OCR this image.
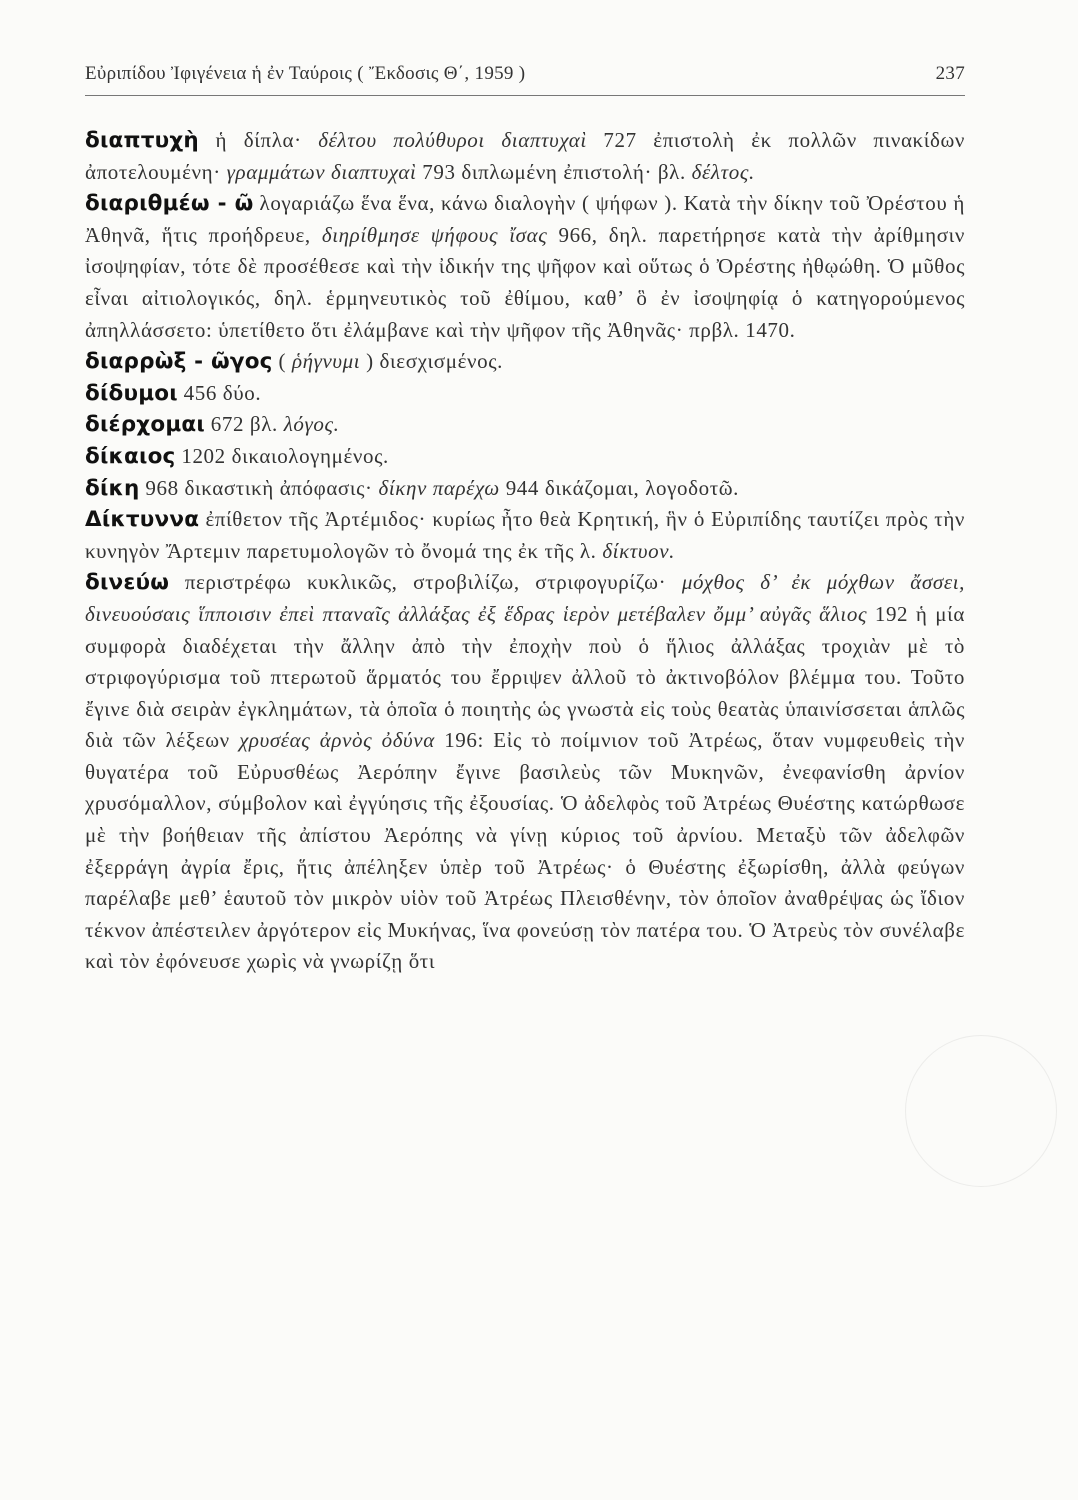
Εὐριπίδου Ἰφιγένεια ἡ ἐν Ταύροις ( Ἔκδοσις Θ΄, 1959 )	237

διαπτυχὴ ἡ δίπλα· δέλτου πολύθυροι διαπτυχαὶ 727 ἐπιστολὴ ἐκ πολλῶν πινακίδων ἀποτελουμένη· γραμμάτων διαπτυχαὶ 793 διπλωμένη ἐπιστολή· βλ. δέλτος.

διαριθμέω - ῶ λογαριάζω ἕνα ἕνα, κάνω διαλογὴν ( ψήφων ). Κατὰ τὴν δίκην τοῦ Ὀρέστου ἡ Ἀθηνᾶ, ἥτις προήδρευε, διηρίθμησε ψήφους ἴσας 966, δηλ. παρετήρησε κατὰ τὴν ἀρίθμησιν ἰσοψηφίαν, τότε δὲ προσέθεσε καὶ τὴν ἰδικήν της ψῆφον καὶ οὕτως ὁ Ὀρέστης ἠθῳώθη. Ὁ μῦθος εἶναι αἰτιολογικός, δηλ. ἑρμηνευτικὸς τοῦ ἐθίμου, καθ’ ὃ ἐν ἰσοψηφίᾳ ὁ κατηγορούμενος ἀπηλλάσσετο: ὑπετίθετο ὅτι ἐλάμβανε καὶ τὴν ψῆφον τῆς Ἀθηνᾶς· πρβλ. 1470.

διαρρὼξ - ῶγος ( ῥήγνυμι ) διεσχισμένος.

δίδυμοι 456 δύο.

διέρχομαι 672 βλ. λόγος.

δίκαιος 1202 δικαιολογημένος.

δίκη 968 δικαστικὴ ἀπόφασις· δίκην παρέχω 944 δικάζομαι, λογοδοτῶ.

Δίκτυννα ἐπίθετον τῆς Ἀρτέμιδος· κυρίως ἦτο θεὰ Κρητική, ἣν ὁ Εὐριπίδης ταυτίζει πρὸς τὴν κυνηγὸν Ἄρτεμιν παρετυμολογῶν τὸ ὄνομά της ἐκ τῆς λ. δίκτυον.

δινεύω περιστρέφω κυκλικῶς, στροβιλίζω, στριφογυρίζω· μόχθος δ’ ἐκ μόχθων ἄσσει, δινευούσαις ἵπποισιν ἐπεὶ πταναῖς ἀλλάξας ἐξ ἕδρας ἱερὸν μετέβαλεν ὄμμ’ αὐγᾶς ἅλιος 192 ἡ μία συμφορὰ διαδέχεται τὴν ἄλλην ἀπὸ τὴν ἐποχὴν ποὺ ὁ ἥλιος ἀλλάξας τροχιὰν μὲ τὸ στριφογύρισμα τοῦ πτερωτοῦ ἅρματός του ἔρριψεν ἀλλοῦ τὸ ἀκτινοβόλον βλέμμα του. Τοῦτο ἔγινε διὰ σειρὰν ἐγκλημάτων, τὰ ὁποῖα ὁ ποιητὴς ὡς γνωστὰ εἰς τοὺς θεατὰς ὑπαινίσσεται ἁπλῶς διὰ τῶν λέξεων χρυσέας ἀρνὸς ὀδύνα 196: Εἰς τὸ ποίμνιον τοῦ Ἀτρέως, ὅταν νυμφευθεὶς τὴν θυγατέρα τοῦ Εὐρυσθέως Ἀερόπην ἔγινε βασιλεὺς τῶν Μυκηνῶν, ἐνεφανίσθη ἀρνίον χρυσόμαλλον, σύμβολον καὶ ἐγγύησις τῆς ἐξουσίας. Ὁ ἀδελφὸς τοῦ Ἀτρέως Θυέστης κατώρθωσε μὲ τὴν βοήθειαν τῆς ἀπίστου Ἀερόπης νὰ γίνῃ κύριος τοῦ ἀρνίου. Μεταξὺ τῶν ἀδελφῶν ἐξερράγη ἀγρία ἔρις, ἥτις ἀπέληξεν ὑπὲρ τοῦ Ἀτρέως· ὁ Θυέστης ἐξωρίσθη, ἀλλὰ φεύγων παρέλαβε μεθ’ ἑαυτοῦ τὸν μικρὸν υἱὸν τοῦ Ἀτρέως Πλεισθένην, τὸν ὁποῖον ἀναθρέψας ὡς ἴδιον τέκνον ἀπέστειλεν ἀργότερον εἰς Μυκήνας, ἵνα φονεύσῃ τὸν πατέρα του. Ὁ Ἀτρεὺς τὸν συνέλαβε καὶ τὸν ἐφόνευσε χωρὶς νὰ γνωρίζῃ ὅτι
